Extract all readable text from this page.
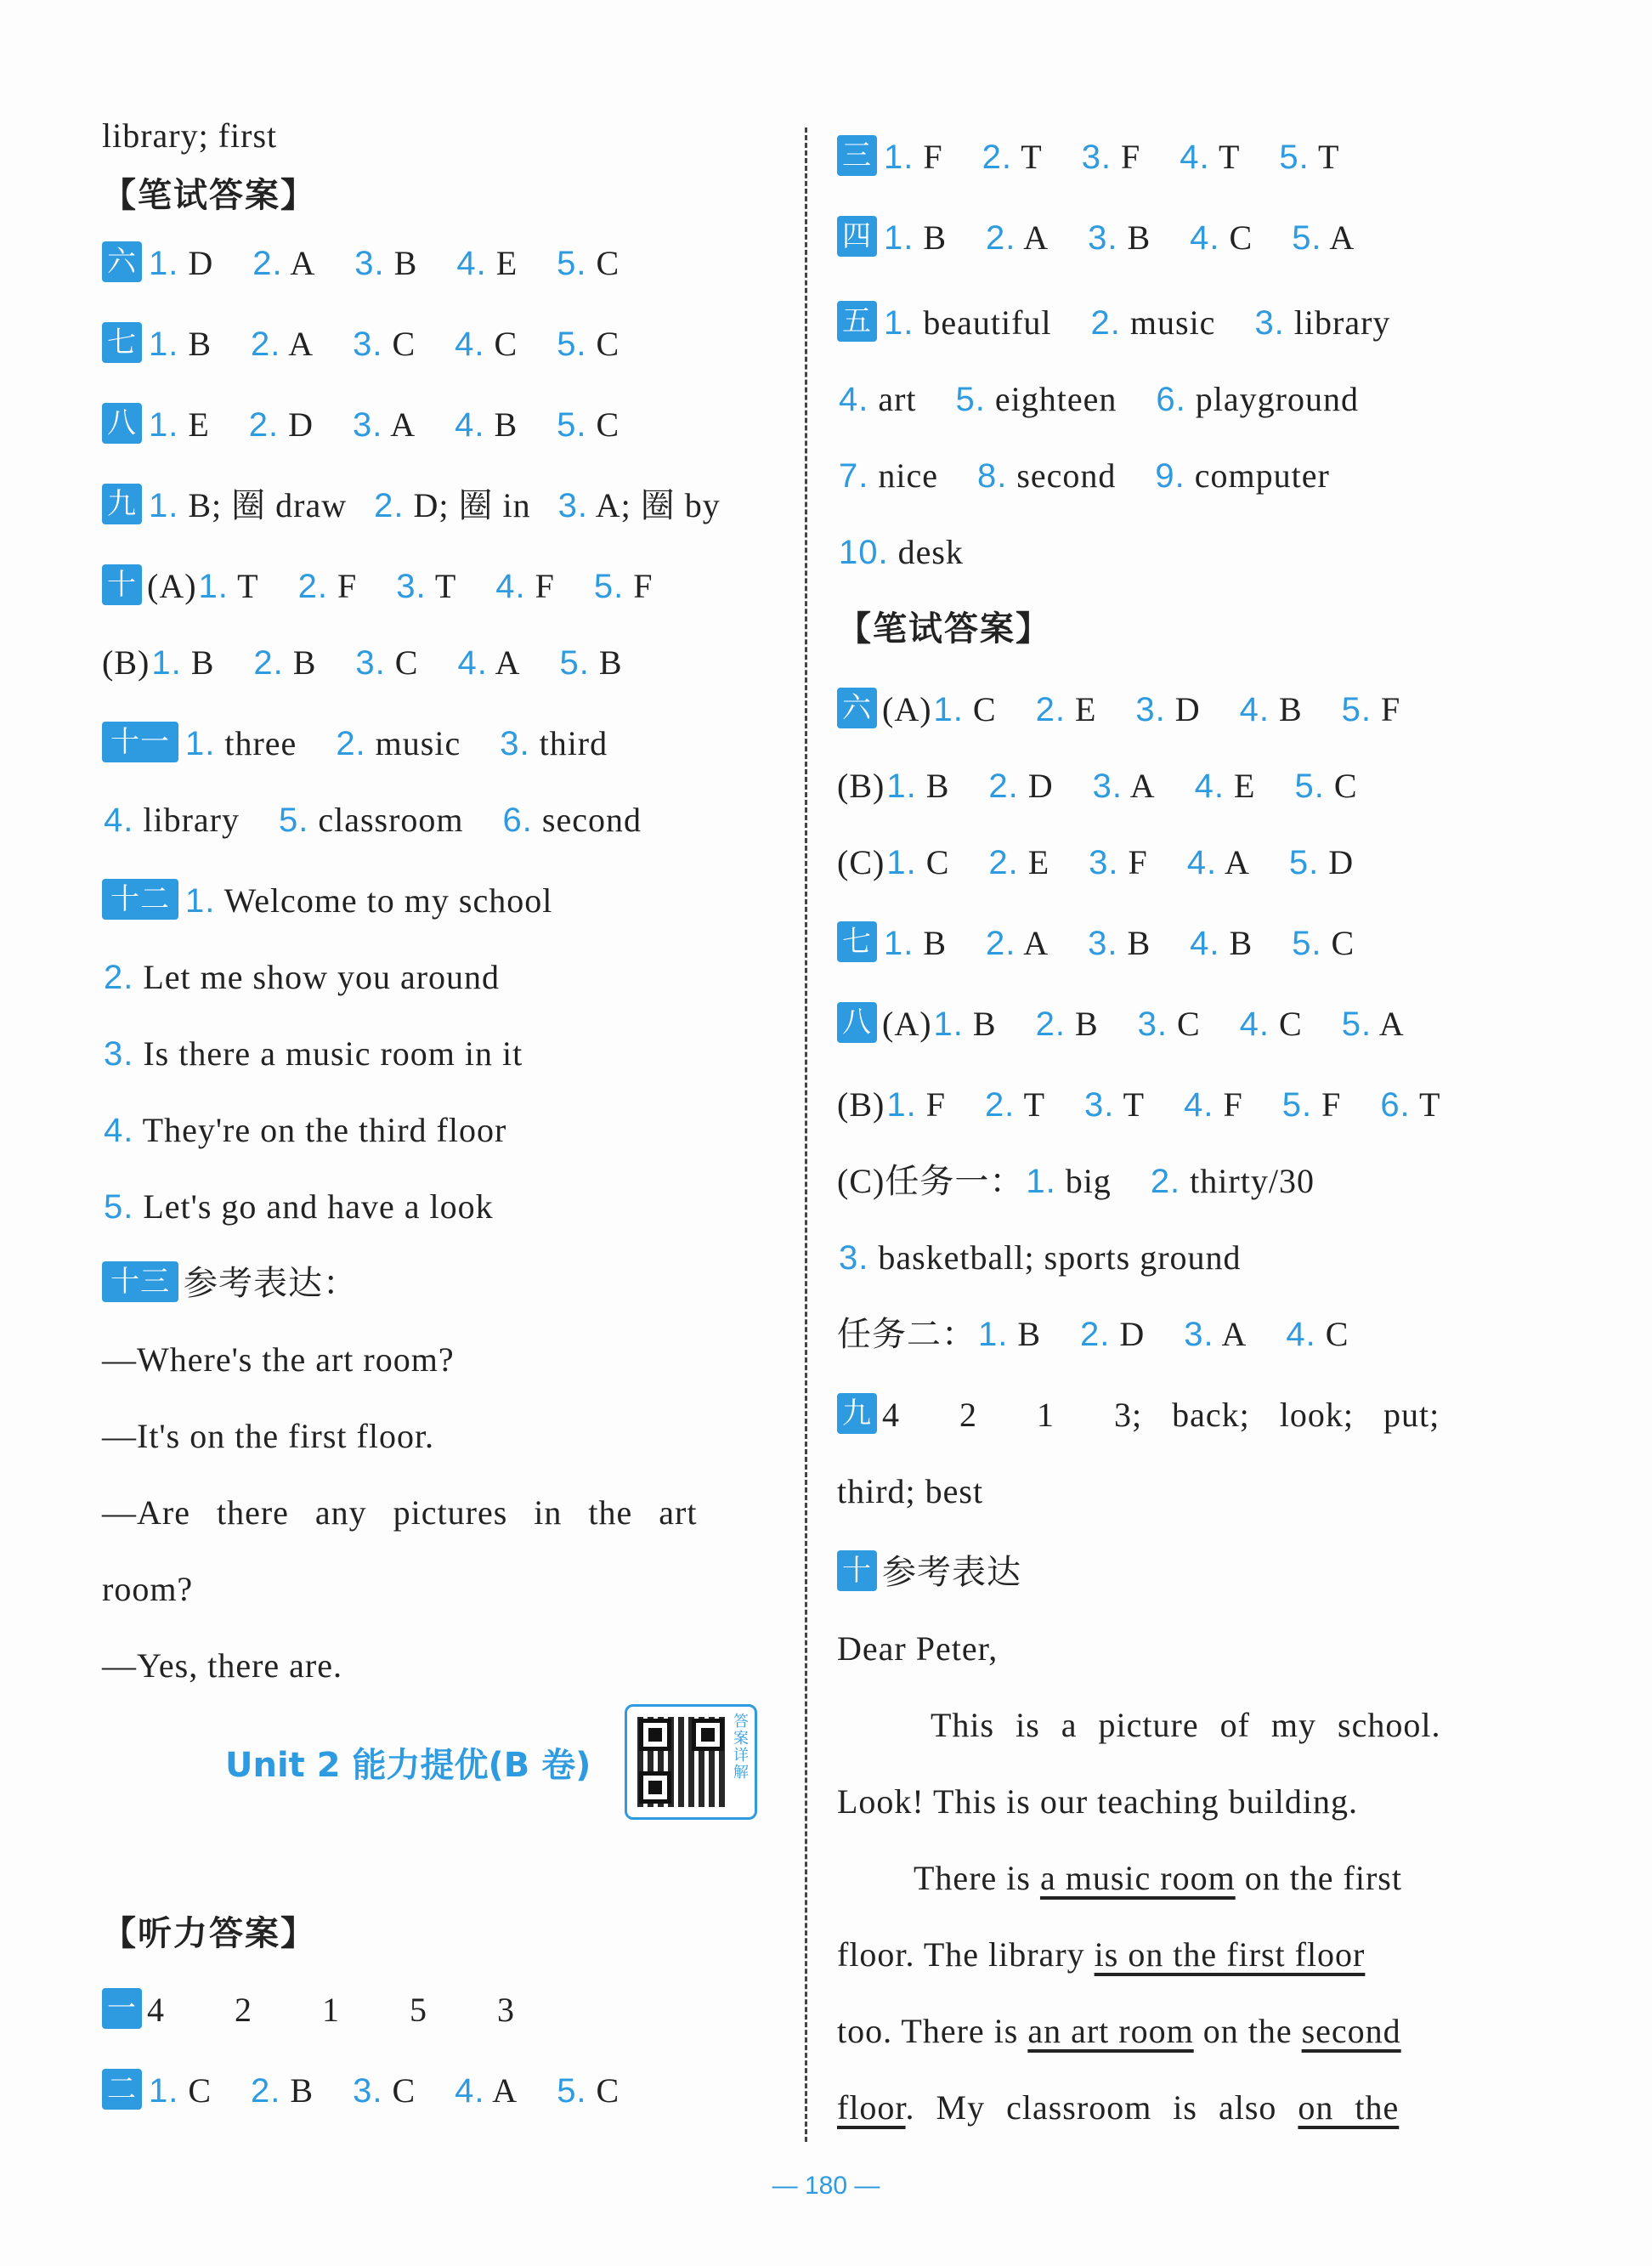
library; first
【笔试答案】
六 1. D 2. A 3. B 4. E 5. C
七 1. B 2. A 3. C 4. C 5. C
八 1. E 2. D 3. A 4. B 5. C
九 1. B; 圈 draw 2. D; 圈 in 3. A; 圈 by
十 (A)1. T 2. F 3. T 4. F 5. F
(B)1. B 2. B 3. C 4. A 5. B
十一 1. three 2. music 3. third
4. library 5. classroom 6. second
十二 1. Welcome to my school
2. Let me show you around
3. Is there a music room in it
4. They're on the third floor
5. Let's go and have a look
十三 参考表达：
—Where's the art room?
—It's on the first floor.
—Are there any pictures in the art
room?
—Yes, there are.
Unit 2 能力提优(B 卷)
答案详解
【听力答案】
一 4  2  1  5  3
二 1. C 2. B 3. C 4. A 5. C
三 1. F 2. T 3. F 4. T 5. T
四 1. B 2. A 3. B 4. C 5. A
五 1. beautiful 2. music 3. library
4. art 5. eighteen 6. playground
7. nice 8. second 9. computer
10. desk
【笔试答案】
六 (A)1. C 2. E 3. D 4. B 5. F
(B)1. B 2. D 3. A 4. E 5. C
(C)1. C 2. E 3. F 4. A 5. D
七 1. B 2. A 3. B 4. B 5. C
八 (A)1. B 2. B 3. C 4. C 5. A
(B)1. F 2. T 3. T 4. F 5. F 6. T
(C)任务一：1. big 2. thirty/30
3. basketball; sports ground
任务二：1. B 2. D 3. A 4. C
九 4  2  1  3; back; look; put;
third; best
十 参考表达
Dear Peter,
This is a picture of my school.
Look! This is our teaching building.
There is a music room on the first
floor. The library is on the first floor
too. There is an art room on the second
floor. My classroom is also on the
— 180 —
